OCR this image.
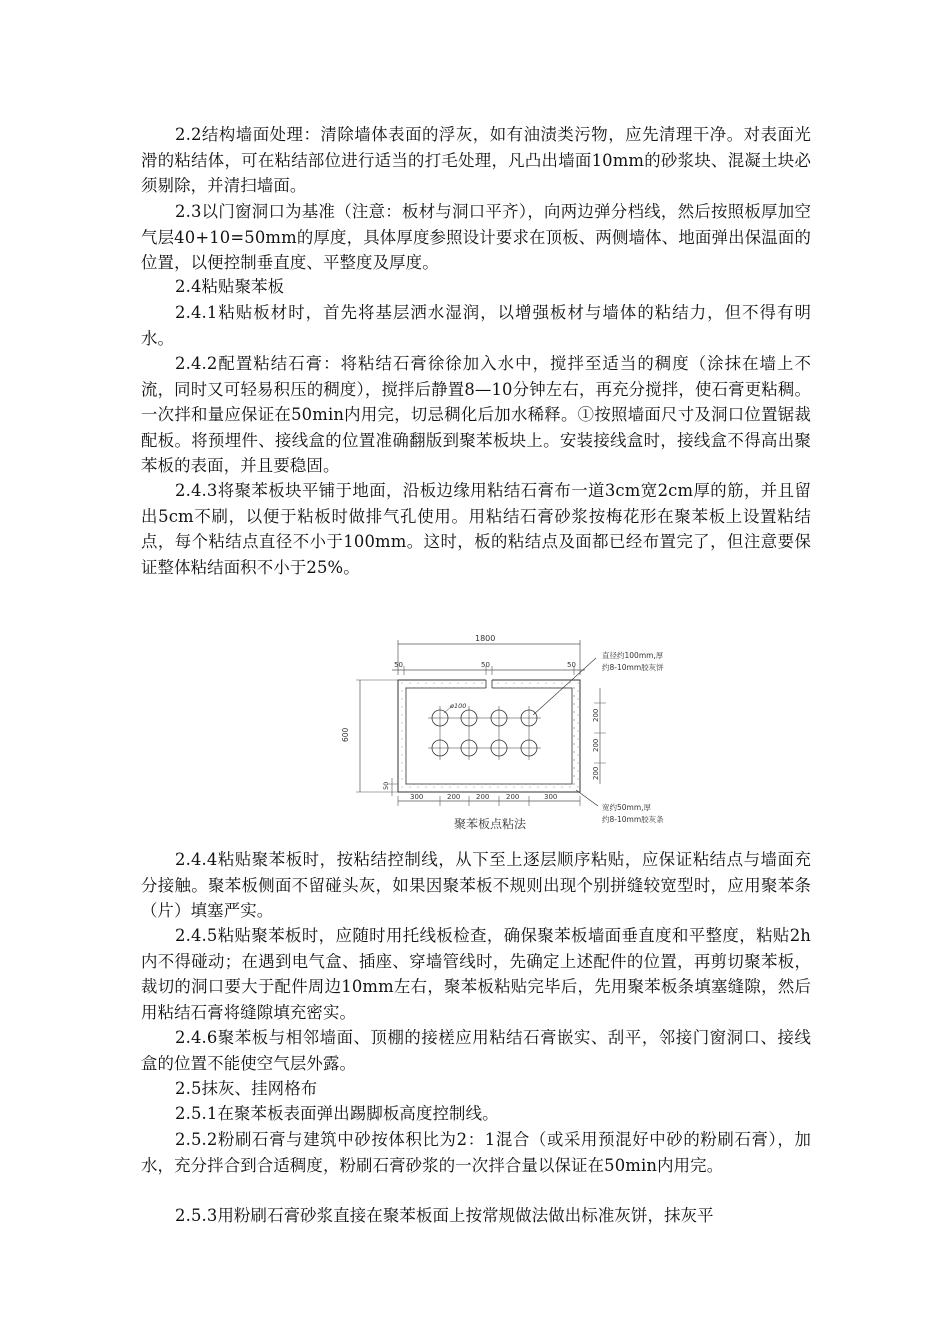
2.2结构墙面处理：清除墙体表面的浮灰，如有油渍类污物，应先清理干净。对表面光滑的粘结体，可在粘结部位进行适当的打毛处理，凡凸出墙面10mm的砂浆块、混凝土块必须剔除，并清扫墙面。

2.3以门窗洞口为基准（注意：板材与洞口平齐），向两边弹分档线，然后按照板厚加空气层40+10=50mm的厚度，具体厚度参照设计要求在顶板、两侧墙体、地面弹出保温面的位置，以便控制垂直度、平整度及厚度。

2.4粘贴聚苯板

2.4.1粘贴板材时，首先将基层洒水湿润，以增强板材与墙体的粘结力，但不得有明水。

2.4.2配置粘结石膏：将粘结石膏徐徐加入水中，搅拌至适当的稠度（涂抹在墙上不流，同时又可轻易积压的稠度），搅拌后静置8—10分钟左右，再充分搅拌，使石膏更粘稠。一次拌和量应保证在50min内用完，切忌稠化后加水稀释。①按照墙面尺寸及洞口位置锯裁配板。将预埋件、接线盒的位置准确翻版到聚苯板块上。安装接线盒时，接线盒不得高出聚苯板的表面，并且要稳固。

2.4.3将聚苯板块平铺于地面，沿板边缘用粘结石膏布一道3cm宽2cm厚的筋，并且留出5cm不刷，以便于粘板时做排气孔使用。用粘结石膏砂浆按梅花形在聚苯板上设置粘结点，每个粘结点直径不小于100mm。这时，板的粘结点及面都已经布置完了，但注意要保证整体粘结面积不小于25%。

1800
50	50	50
ø100
600
50
200
200
200
300	200 200 200	300
直径约100mm,厚
约8-10mm胶灰饼
宽约50mm,厚
约8-10mm胶灰条
聚苯板点粘法

2.4.4粘贴聚苯板时，按粘结控制线，从下至上逐层顺序粘贴，应保证粘结点与墙面充分接触。聚苯板侧面不留碰头灰，如果因聚苯板不规则出现个别拼缝较宽型时，应用聚苯条（片）填塞严实。

2.4.5粘贴聚苯板时，应随时用托线板检查，确保聚苯板墙面垂直度和平整度，粘贴2h内不得碰动；在遇到电气盒、插座、穿墙管线时，先确定上述配件的位置，再剪切聚苯板，裁切的洞口要大于配件周边10mm左右，聚苯板粘贴完毕后，先用聚苯板条填塞缝隙，然后用粘结石膏将缝隙填充密实。

2.4.6聚苯板与相邻墙面、顶棚的接槎应用粘结石膏嵌实、刮平，邻接门窗洞口、接线盒的位置不能使空气层外露。

2.5抹灰、挂网格布

2.5.1在聚苯板表面弹出踢脚板高度控制线。

2.5.2粉刷石膏与建筑中砂按体积比为2：1混合（或采用预混好中砂的粉刷石膏），加水，充分拌合到合适稠度，粉刷石膏砂浆的一次拌合量以保证在50min内用完。

2.5.3用粉刷石膏砂浆直接在聚苯板面上按常规做法做出标准灰饼，抹灰平
